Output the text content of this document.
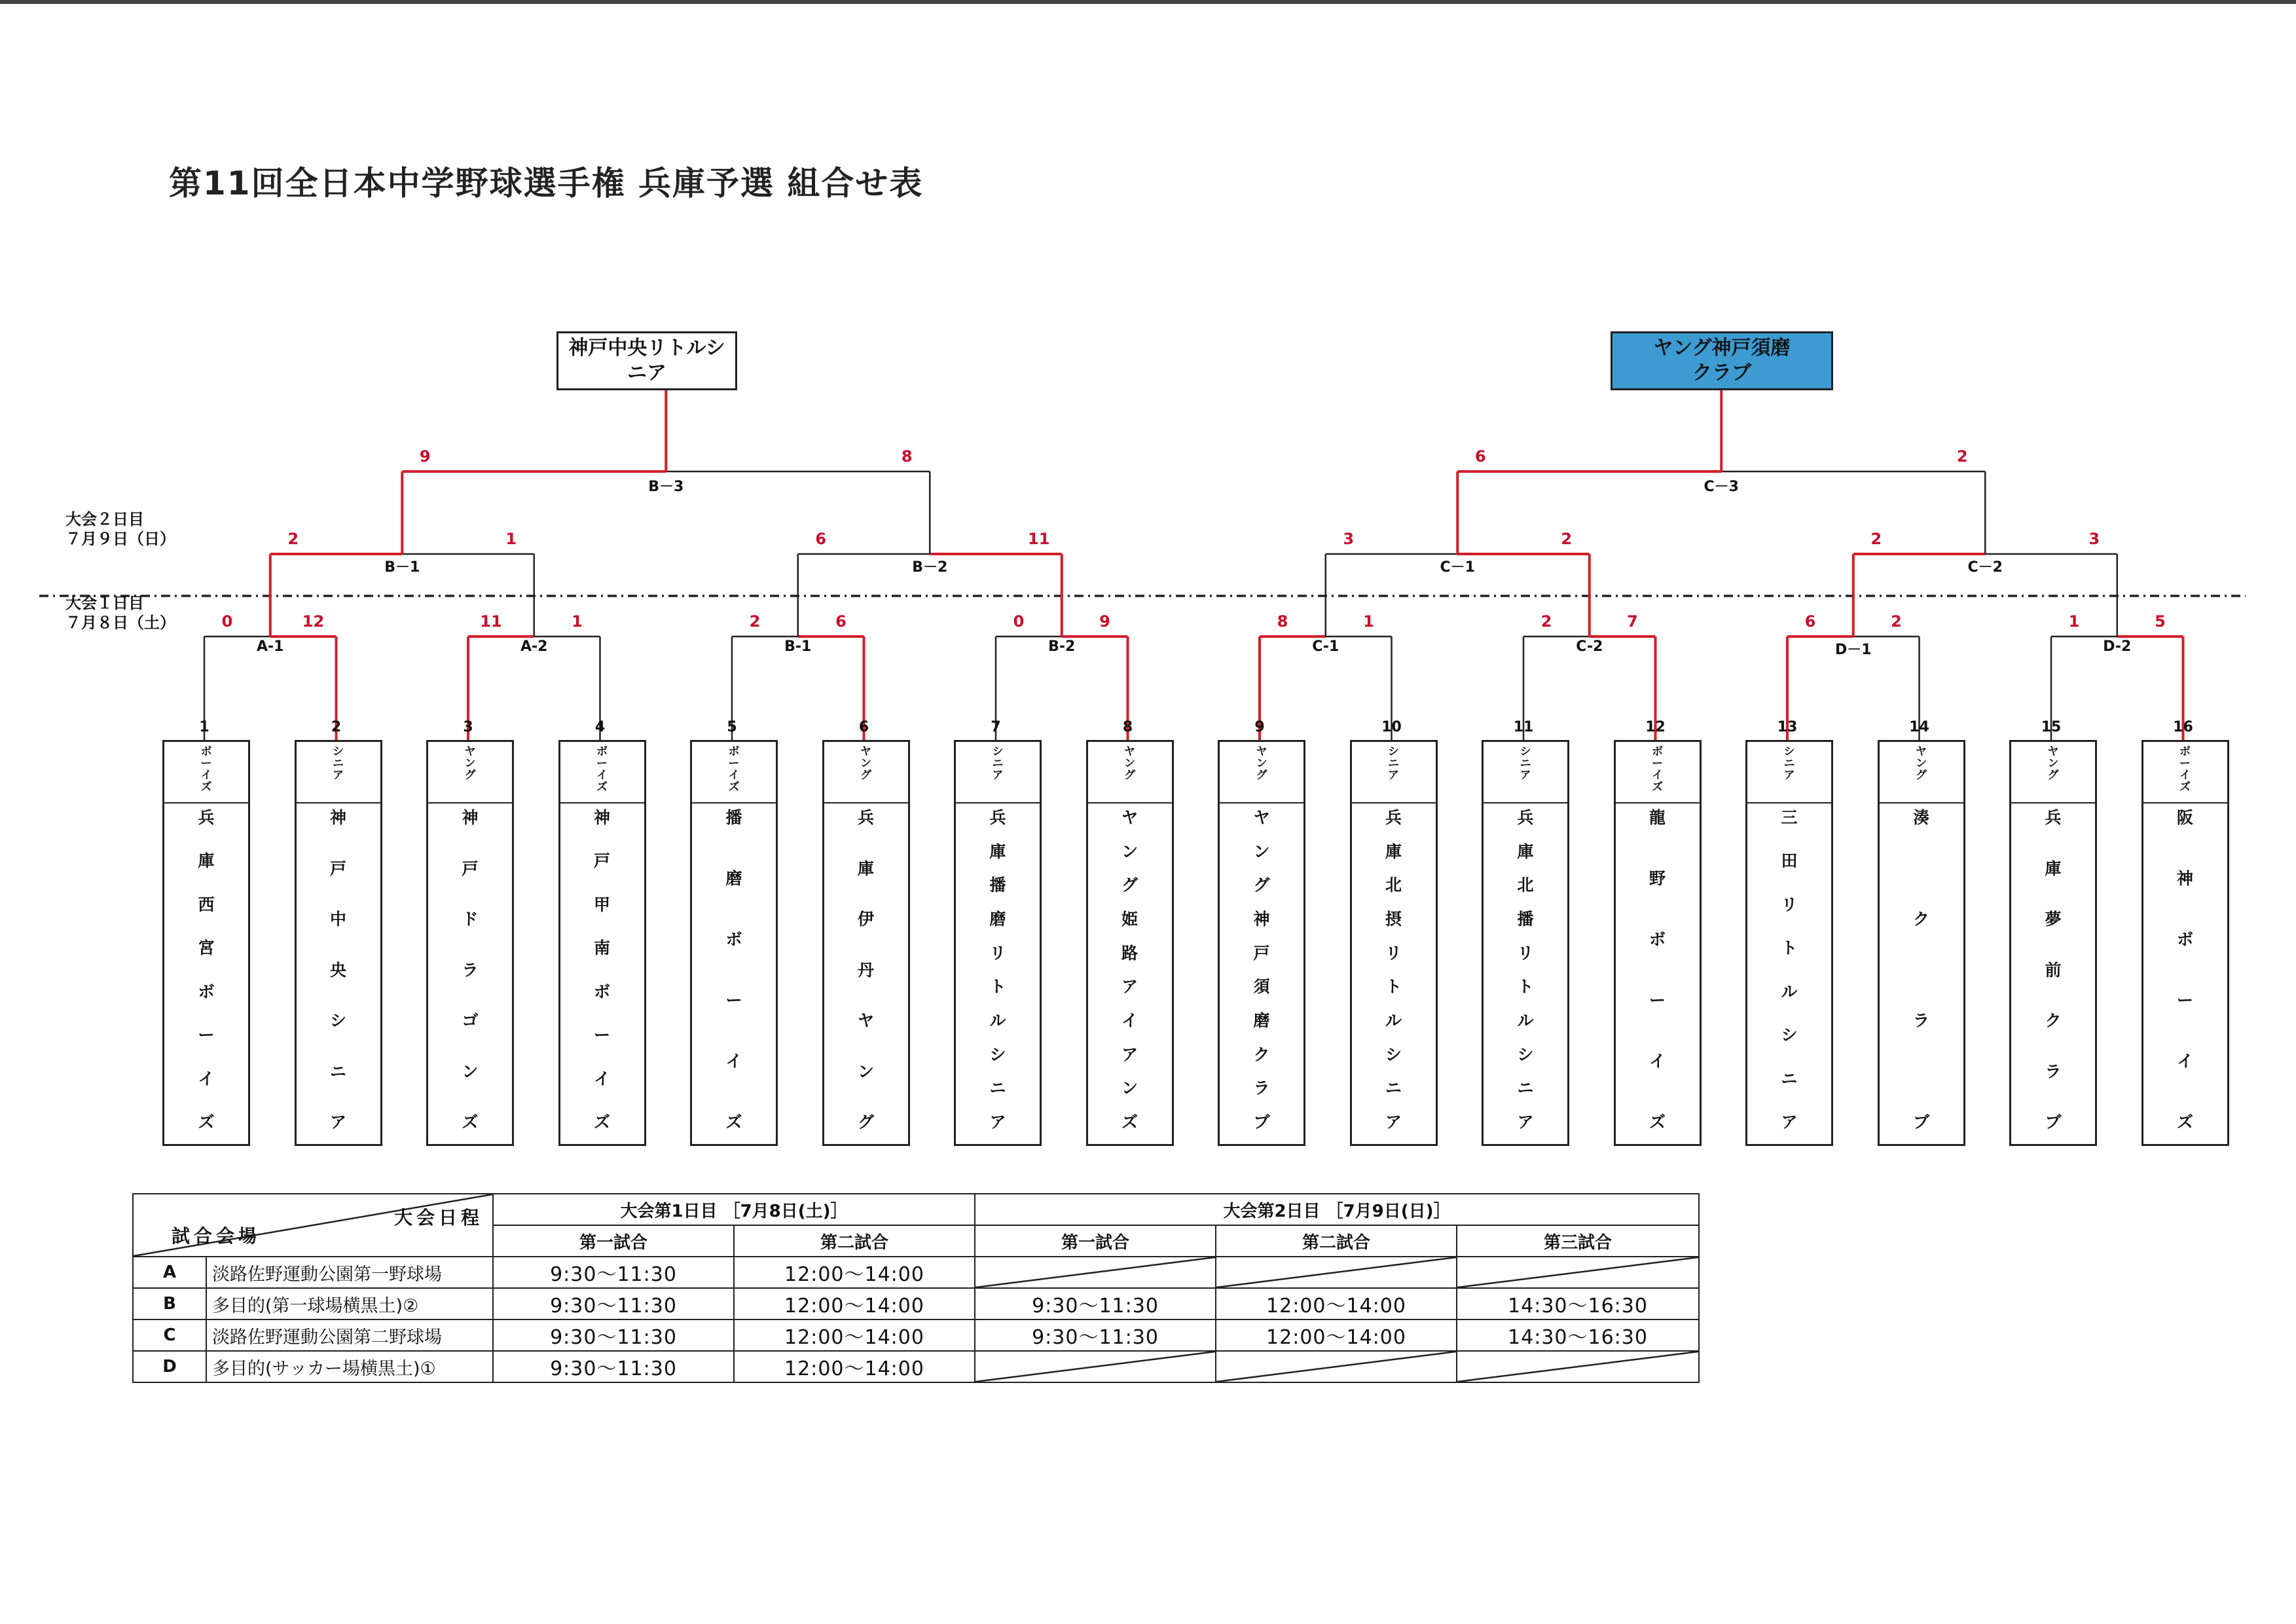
第11回全日本中学野球選手権 兵庫予選 組合せ表
神戸中央リトルシ
ニア
ヤング神戸須磨
クラブ
大会２日目
７月９日（日）
大会１日目
７月８日（土）
A-1
0	12
A-2
11	1
B-1
2	6
B-2
0	9
C-1
8	1
C-2
2	7
D－1
6	2
D-2
1	5
B－1
2	1
B－2
6	11
C－1
3	2
C－2
2	3
B－3
9	8
C－3
6	2
1
ボ
ー
イ
ズ
兵
庫
西
宮
ボ
ー
イ
ズ
2
シ
ニ
ア
神
戸
中
央
シ
ニ
ア
3
ヤ
ン
グ
神
戸
ド
ラ
ゴ
ン
ズ
4
ボ
ー
イ
ズ
神
戸
甲
南
ボ
ー
イ
ズ
5
ボ
ー
イ
ズ
播
磨
ボ
ー
イ
ズ
6
ヤ
ン
グ
兵
庫
伊
丹
ヤ
ン
グ
7
シ
ニ
ア
兵
庫
播
磨
リ
ト
ル
シ
ニ
ア
8
ヤ
ン
グ
ヤ
ン
グ
姫
路
ア
イ
ア
ン
ズ
9
ヤ
ン
グ
ヤ
ン
グ
神
戸
須
磨
ク
ラ
ブ
10
シ
ニ
ア
兵
庫
北
摂
リ
ト
ル
シ
ニ
ア
11
シ
ニ
ア
兵
庫
北
播
リ
ト
ル
シ
ニ
ア
12
ボ
ー
イ
ズ
龍
野
ボ
ー
イ
ズ
13
シ
ニ
ア
三
田
リ
ト
ル
シ
ニ
ア
14
ヤ
ン
グ
湊
ク
ラ
ブ
15
ヤ
ン
グ
兵
庫
夢
前
ク
ラ
ブ
16
ボ
ー
イ
ズ
阪
神
ボ
ー
イ
ズ
大会日程
試合会場		大会第1日目 ［7月8日(土)］		大会第2日目 ［7月9日(日)］		
		第一試合	第二試合	第一試合	第二試合	第三試合
A	淡路佐野運動公園第一野球場	9:30～11:30	12:00～14:00			
B	多目的(第一球場横黒土)②	9:30～11:30	12:00～14:00	9:30～11:30	12:00～14:00	14:30～16:30
C	淡路佐野運動公園第二野球場	9:30～11:30	12:00～14:00	9:30～11:30	12:00～14:00	14:30～16:30
D	多目的(サッカー場横黒土)①	9:30～11:30	12:00～14:00			
